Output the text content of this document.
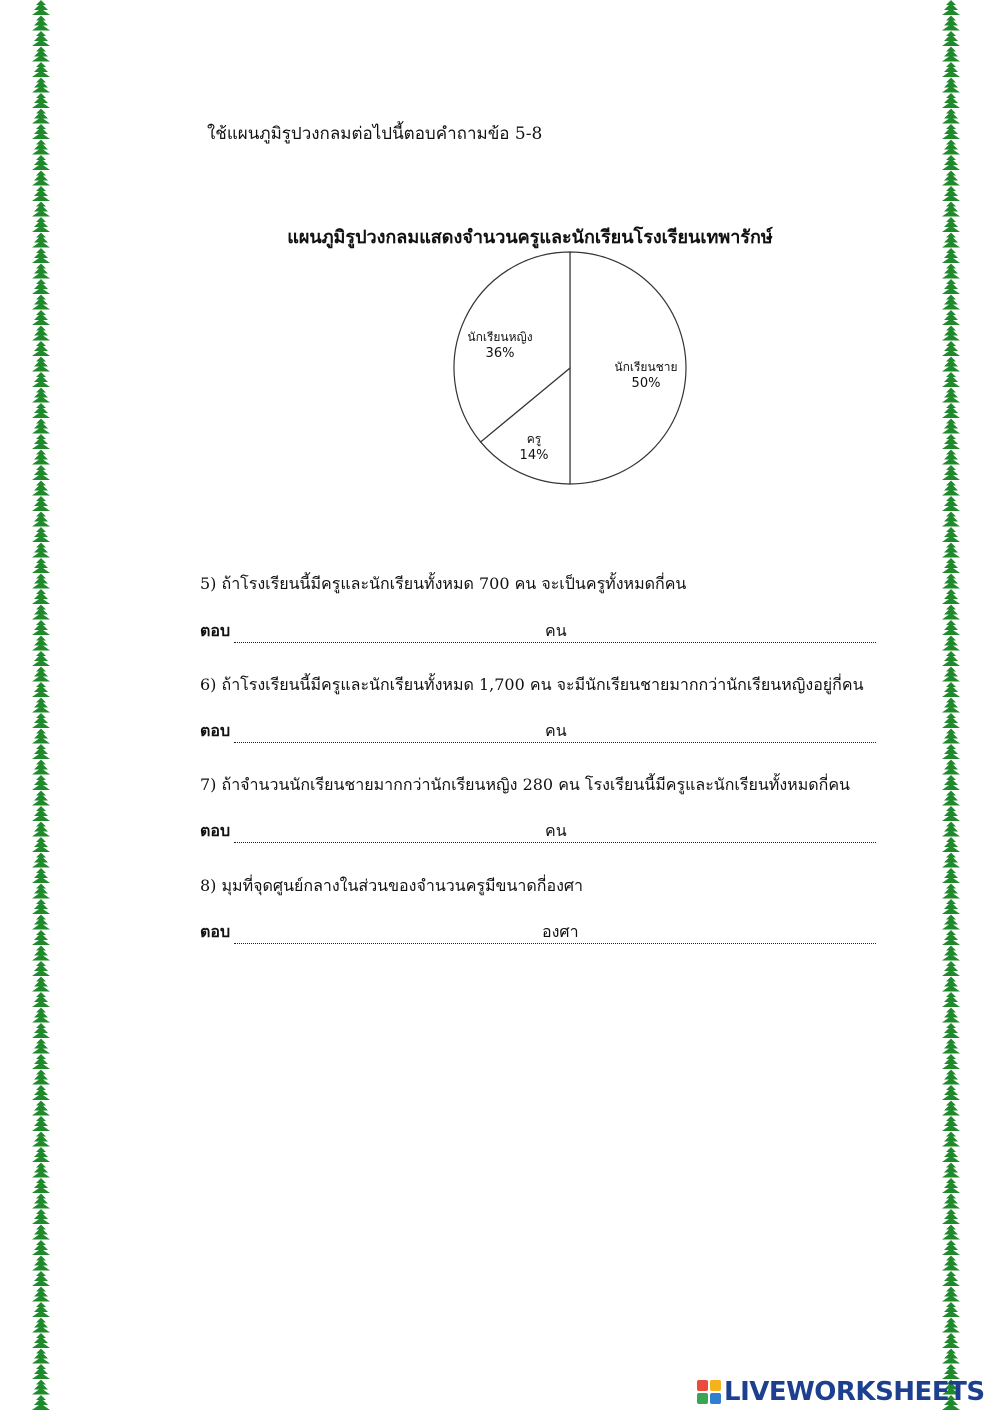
ใช้แผนภูมิรูปวงกลมต่อไปนี้ตอบคำถามข้อ 5-8
แผนภูมิรูปวงกลมแสดงจำนวนครูและนักเรียนโรงเรียนเทพารักษ์
นักเรียนชาย
50%
ครู
14%
นักเรียนหญิง
36%
5) ถ้าโรงเรียนนี้มีครูและนักเรียนทั้งหมด 700 คน จะเป็นครูทั้งหมดกี่คน
ตอบ	คน
6) ถ้าโรงเรียนนี้มีครูและนักเรียนทั้งหมด 1,700 คน จะมีนักเรียนชายมากกว่านักเรียนหญิงอยู่กี่คน
ตอบ	คน
7) ถ้าจำนวนนักเรียนชายมากกว่านักเรียนหญิง 280 คน โรงเรียนนี้มีครูและนักเรียนทั้งหมดกี่คน
ตอบ	คน
8) มุมที่จุดศูนย์กลางในส่วนของจำนวนครูมีขนาดกี่องศา
ตอบ	องศา
LIVEWORKSHEETS
